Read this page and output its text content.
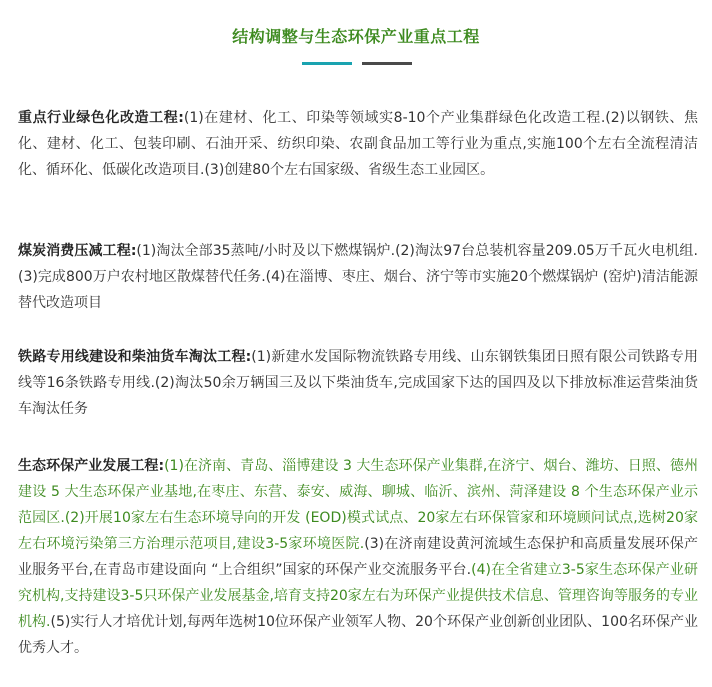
结构调整与生态环保产业重点工程
重点行业绿色化改造工程:(1)在建材、化工、印染等领域实8-10个产业集群绿色化改造工程.(2)以钢铁、焦化、建材、化工、包装印刷、石油开采、纺织印染、农副食品加工等行业为重点,实施100个左右全流程清洁化、循环化、低碳化改造项目.(3)创建80个左右国家级、省级生态工业园区。
煤炭消费压减工程:(1)淘汰全部35蒸吨/小时及以下燃煤锅炉.(2)淘汰97台总装机容量209.05万千瓦火电机组.(3)完成800万户农村地区散煤替代任务.(4)在淄博、枣庄、烟台、济宁等市实施20个燃煤锅炉 (窑炉)清洁能源替代改造项目
铁路专用线建设和柴油货车淘汰工程:(1)新建水发国际物流铁路专用线、山东钢铁集团日照有限公司铁路专用线等16条铁路专用线.(2)淘汰50余万辆国三及以下柴油货车,完成国家下达的国四及以下排放标准运营柴油货车淘汰任务
生态环保产业发展工程:(1)在济南、青岛、淄博建设 3 大生态环保产业集群,在济宁、烟台、潍坊、日照、德州建设 5 大生态环保产业基地,在枣庄、东营、泰安、威海、聊城、临沂、滨州、菏泽建设 8 个生态环保产业示范园区.(2)开展10家左右生态环境导向的开发 (EOD)模式试点、20家左右环保管家和环境顾问试点,选树20家左右环境污染第三方治理示范项目,建设3-5家环境医院.(3)在济南建设黄河流域生态保护和高质量发展环保产业服务平台,在青岛市建设面向 “上合组织”国家的环保产业交流服务平台.(4)在全省建立3-5家生态环保产业研究机构,支持建设3-5只环保产业发展基金,培育支持20家左右为环保产业提供技术信息、管理咨询等服务的专业机构.(5)实行人才培优计划,每两年选树10位环保产业领军人物、20个环保产业创新创业团队、100名环保产业优秀人才。
